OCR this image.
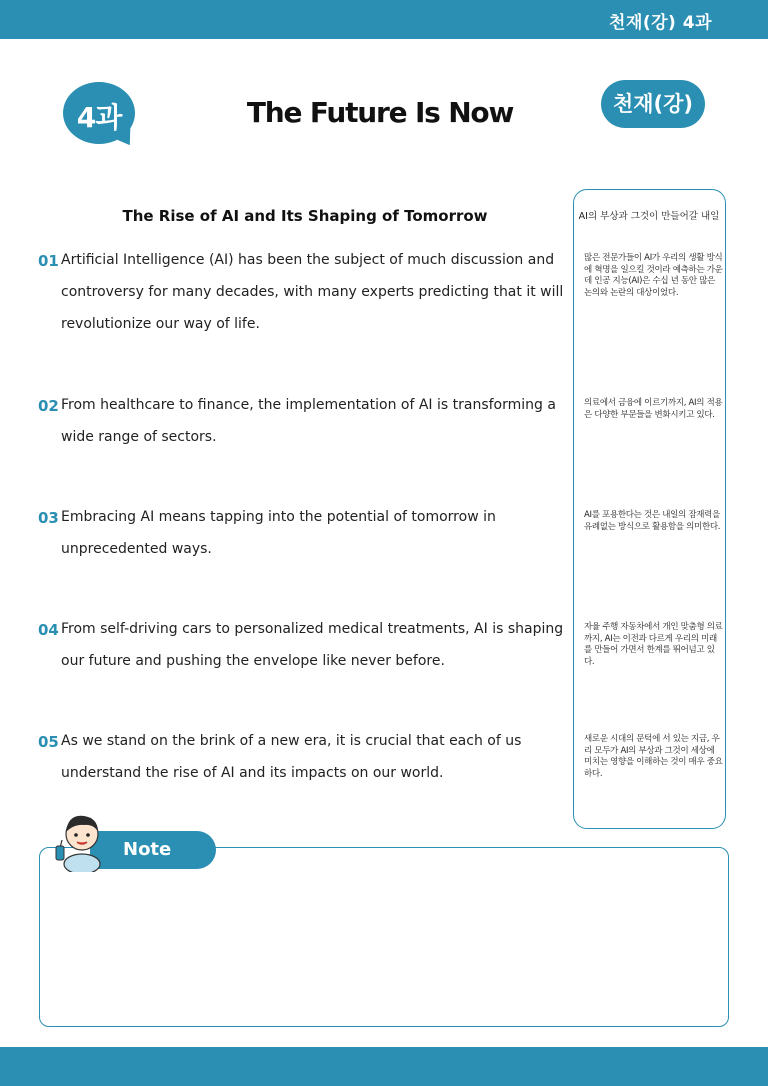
천재(강) 4과
4과	The Future Is Now	천재(강)
The Rise of AI and Its Shaping of Tomorrow
01 Artificial Intelligence (AI) has been the subject of much discussion and controversy for many decades, with many experts predicting that it will revolutionize our way of life.
02 From healthcare to finance, the implementation of AI is transforming a wide range of sectors.
03 Embracing AI means tapping into the potential of tomorrow in unprecedented ways.
04 From self-driving cars to personalized medical treatments, AI is shaping our future and pushing the envelope like never before.
05 As we stand on the brink of a new era, it is crucial that each of us understand the rise of AI and its impacts on our world.
AI의 부상과 그것이 만들어갈 내일
많은 전문가들이 AI가 우리의 생활 방식에 혁명을 일으킬 것이라 예측하는 가운데 인공 지능(AI)은 수십 년 동안 많은 논의와 논란의 대상이었다.
의료에서 금융에 이르기까지, AI의 적용은 다양한 부문들을 변화시키고 있다.
AI를 포용한다는 것은 내일의 잠재력을 유례없는 방식으로 활용함을 의미한다.
자율 주행 자동차에서 개인 맞춤형 의료까지, AI는 이전과 다르게 우리의 미래를 만들어 가면서 한계를 뛰어넘고 있다.
새로운 시대의 문턱에 서 있는 지금, 우리 모두가 AI의 부상과 그것이 세상에 미치는 영향을 이해하는 것이 매우 중요하다.
Note
